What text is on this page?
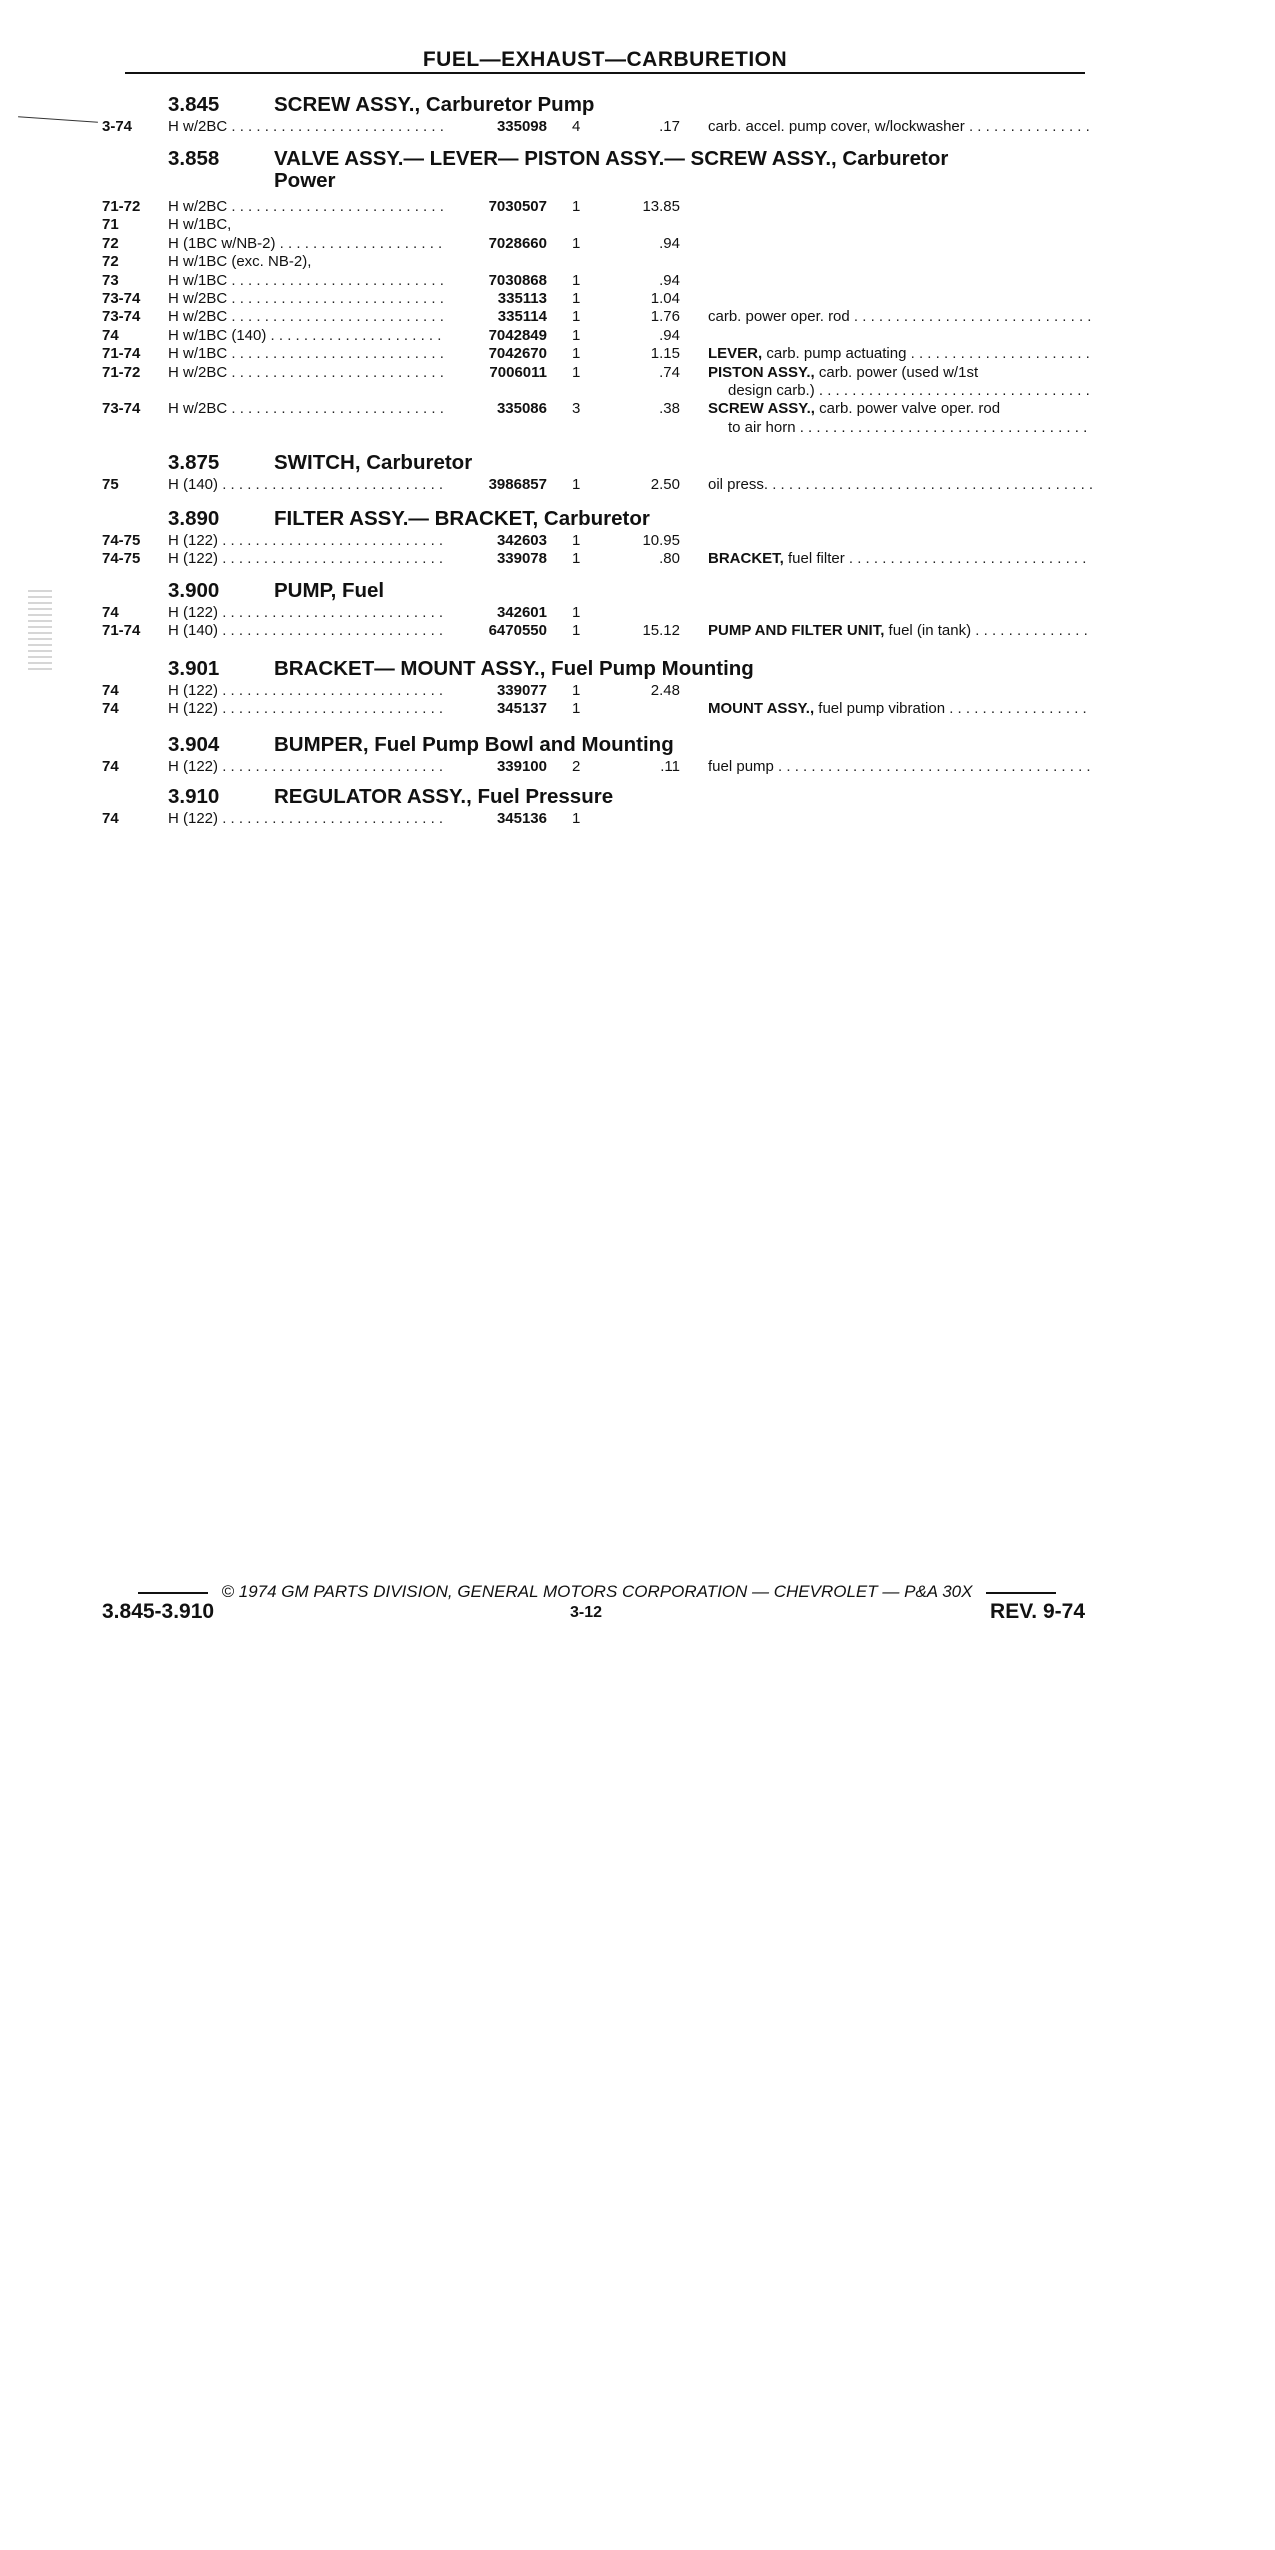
FUEL—EXHAUST—CARBURETION
3.845	SCREW ASSY., Carburetor Pump
3-74	H w/2BC . . .	335098 4	.17 carb. accel. pump cover, w/lockwasher . . .
3.858	VALVE ASSY.— LEVER— PISTON ASSY.— SCREW ASSY., Carburetor
Power
71-72	H w/2BC . . .	7030507 1	13.85
71	H w/1BC,
72	H (1BC w/NB-2) . . .	7028660 1	.94
72	H w/1BC (exc. NB-2),
73	H w/1BC . . .	7030868 1	.94
73-74	H w/2BC . . .	335113 1	1.04
73-74	H w/2BC . . .	335114 1	1.76 carb. power oper. rod . . .
74	H w/1BC (140) . . .	7042849 1	.94
71-74	H w/1BC . . .	7042670 1	1.15 LEVER, carb. pump actuating . . .
71-72	H w/2BC . . .	7006011 1	.74 PISTON ASSY., carb. power (used w/1st
design carb.) . . .
73-74	H w/2BC . . .	335086 3	.38 SCREW ASSY., carb. power valve oper. rod
to air horn . . .
3.875	SWITCH, Carburetor
75	H (140) . . .	3986857 1	2.50 oil press. . . .
3.890	FILTER ASSY.— BRACKET, Carburetor
74-75	H (122) . . .	342603 1	10.95
74-75	H (122) . . .	339078 1	.80 BRACKET, fuel filter . . .
3.900	PUMP, Fuel
74	H (122) . . .	342601 1
71-74	H (140) . . .	6470550 1	15.12 PUMP AND FILTER UNIT, fuel (in tank) . . .
3.901	BRACKET— MOUNT ASSY., Fuel Pump Mounting
74	H (122) . . .	339077 1	2.48
74	H (122) . . .	345137 1	MOUNT ASSY., fuel pump vibration . . .
3.904	BUMPER, Fuel Pump Bowl and Mounting
74	H (122) . . .	339100 2	.11 fuel pump . . .
3.910	REGULATOR ASSY., Fuel Pressure
74	H (122) . . .	345136 1
© 1974 GM PARTS DIVISION, GENERAL MOTORS CORPORATION — CHEVROLET — P&A 30X
3.845-3.910	3-12	REV. 9-74
